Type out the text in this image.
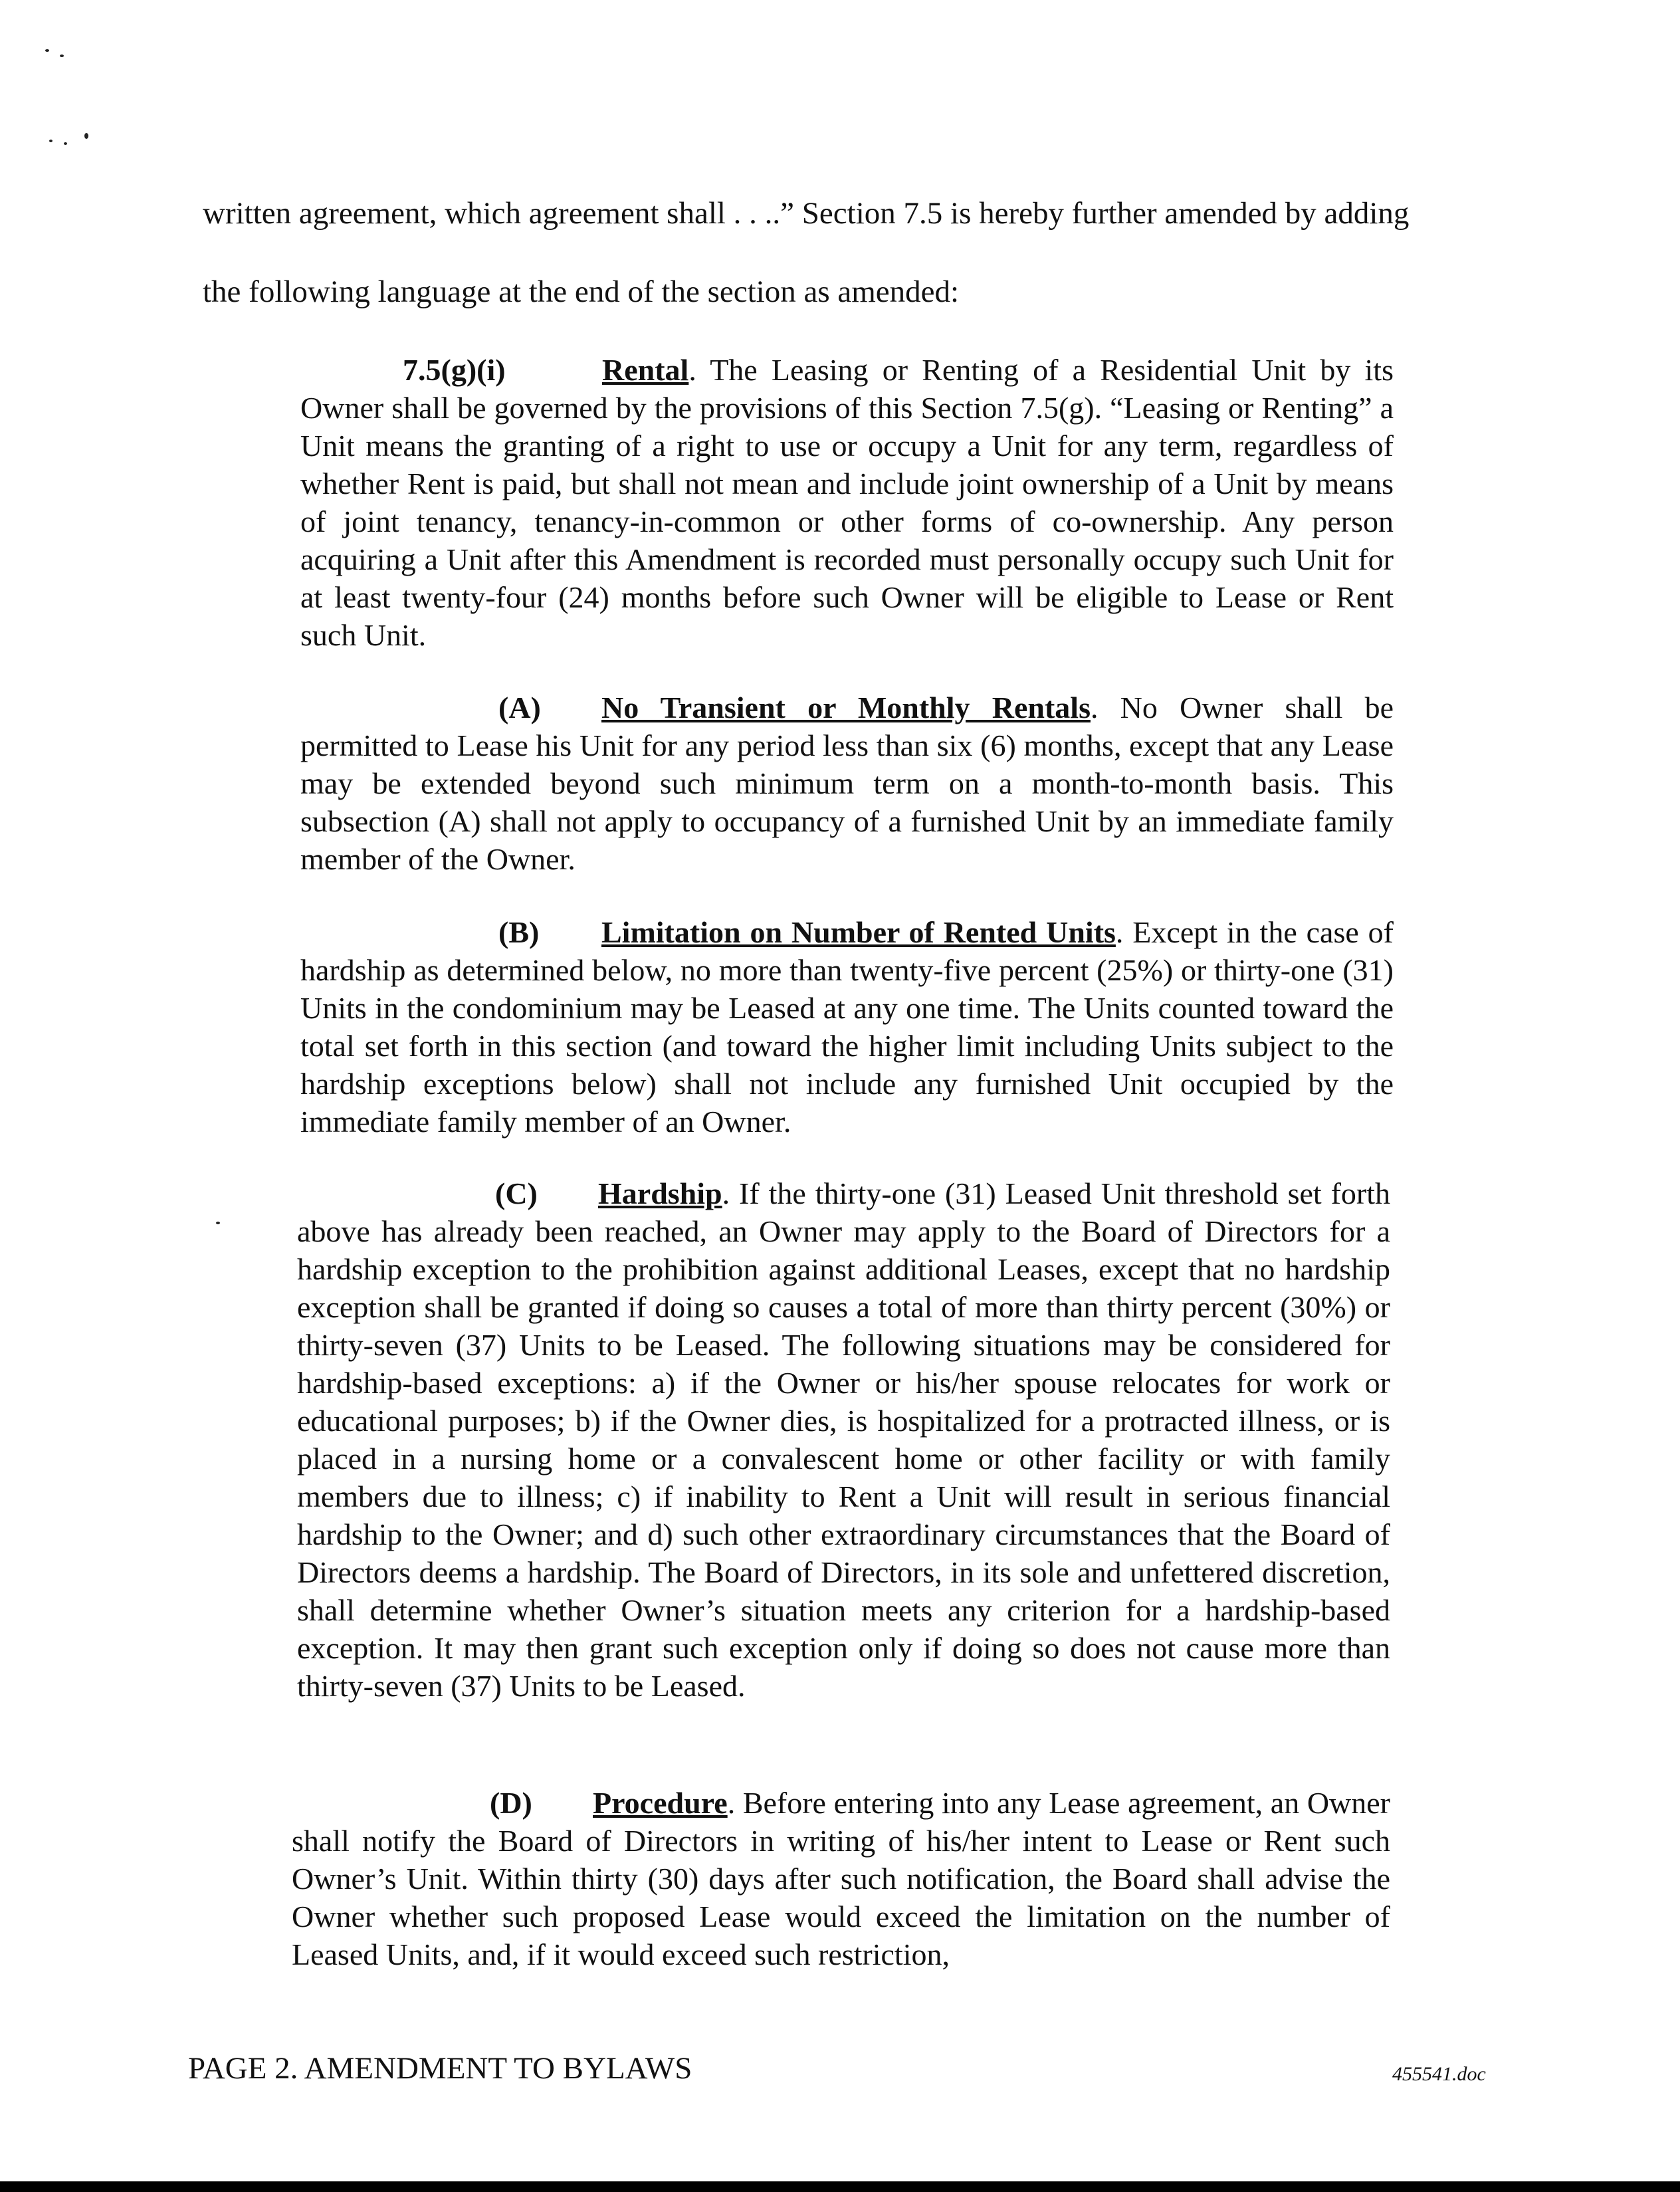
written agreement, which agreement shall . . ..” Section 7.5 is hereby further amended by adding
the following language at the end of the section as amended:
7.5(g)(i)	Rental. The Leasing or Renting of a Residential Unit by its Owner shall be governed by the provisions of this Section 7.5(g). “Leasing or Renting” a Unit means the granting of a right to use or occupy a Unit for any term, regardless of whether Rent is paid, but shall not mean and include joint ownership of a Unit by means of joint tenancy, tenancy-in-common or other forms of co-ownership. Any person acquiring a Unit after this Amendment is recorded must personally occupy such Unit for at least twenty-four (24) months before such Owner will be eligible to Lease or Rent such Unit.
(A) No Transient or Monthly Rentals. No Owner shall be permitted to Lease his Unit for any period less than six (6) months, except that any Lease may be extended beyond such minimum term on a month-to-month basis. This subsection (A) shall not apply to occupancy of a furnished Unit by an immediate family member of the Owner.
(B) Limitation on Number of Rented Units. Except in the case of hardship as determined below, no more than twenty-five percent (25%) or thirty-one (31) Units in the condominium may be Leased at any one time. The Units counted toward the total set forth in this section (and toward the higher limit including Units subject to the hardship exceptions below) shall not include any furnished Unit occupied by the immediate family member of an Owner.
(C) Hardship. If the thirty-one (31) Leased Unit threshold set forth above has already been reached, an Owner may apply to the Board of Directors for a hardship exception to the prohibition against additional Leases, except that no hardship exception shall be granted if doing so causes a total of more than thirty percent (30%) or thirty-seven (37) Units to be Leased. The following situations may be considered for hardship-based exceptions: a) if the Owner or his/her spouse relocates for work or educational purposes; b) if the Owner dies, is hospitalized for a protracted illness, or is placed in a nursing home or a convalescent home or other facility or with family members due to illness; c) if inability to Rent a Unit will result in serious financial hardship to the Owner; and d) such other extraordinary circumstances that the Board of Directors deems a hardship. The Board of Directors, in its sole and unfettered discretion, shall determine whether Owner’s situation meets any criterion for a hardship-based exception. It may then grant such exception only if doing so does not cause more than thirty-seven (37) Units to be Leased.
(D) Procedure. Before entering into any Lease agreement, an Owner shall notify the Board of Directors in writing of his/her intent to Lease or Rent such Owner’s Unit. Within thirty (30) days after such notification, the Board shall advise the Owner whether such proposed Lease would exceed the limitation on the number of Leased Units, and, if it would exceed such restriction,
PAGE 2. AMENDMENT TO BYLAWS	455541.doc
